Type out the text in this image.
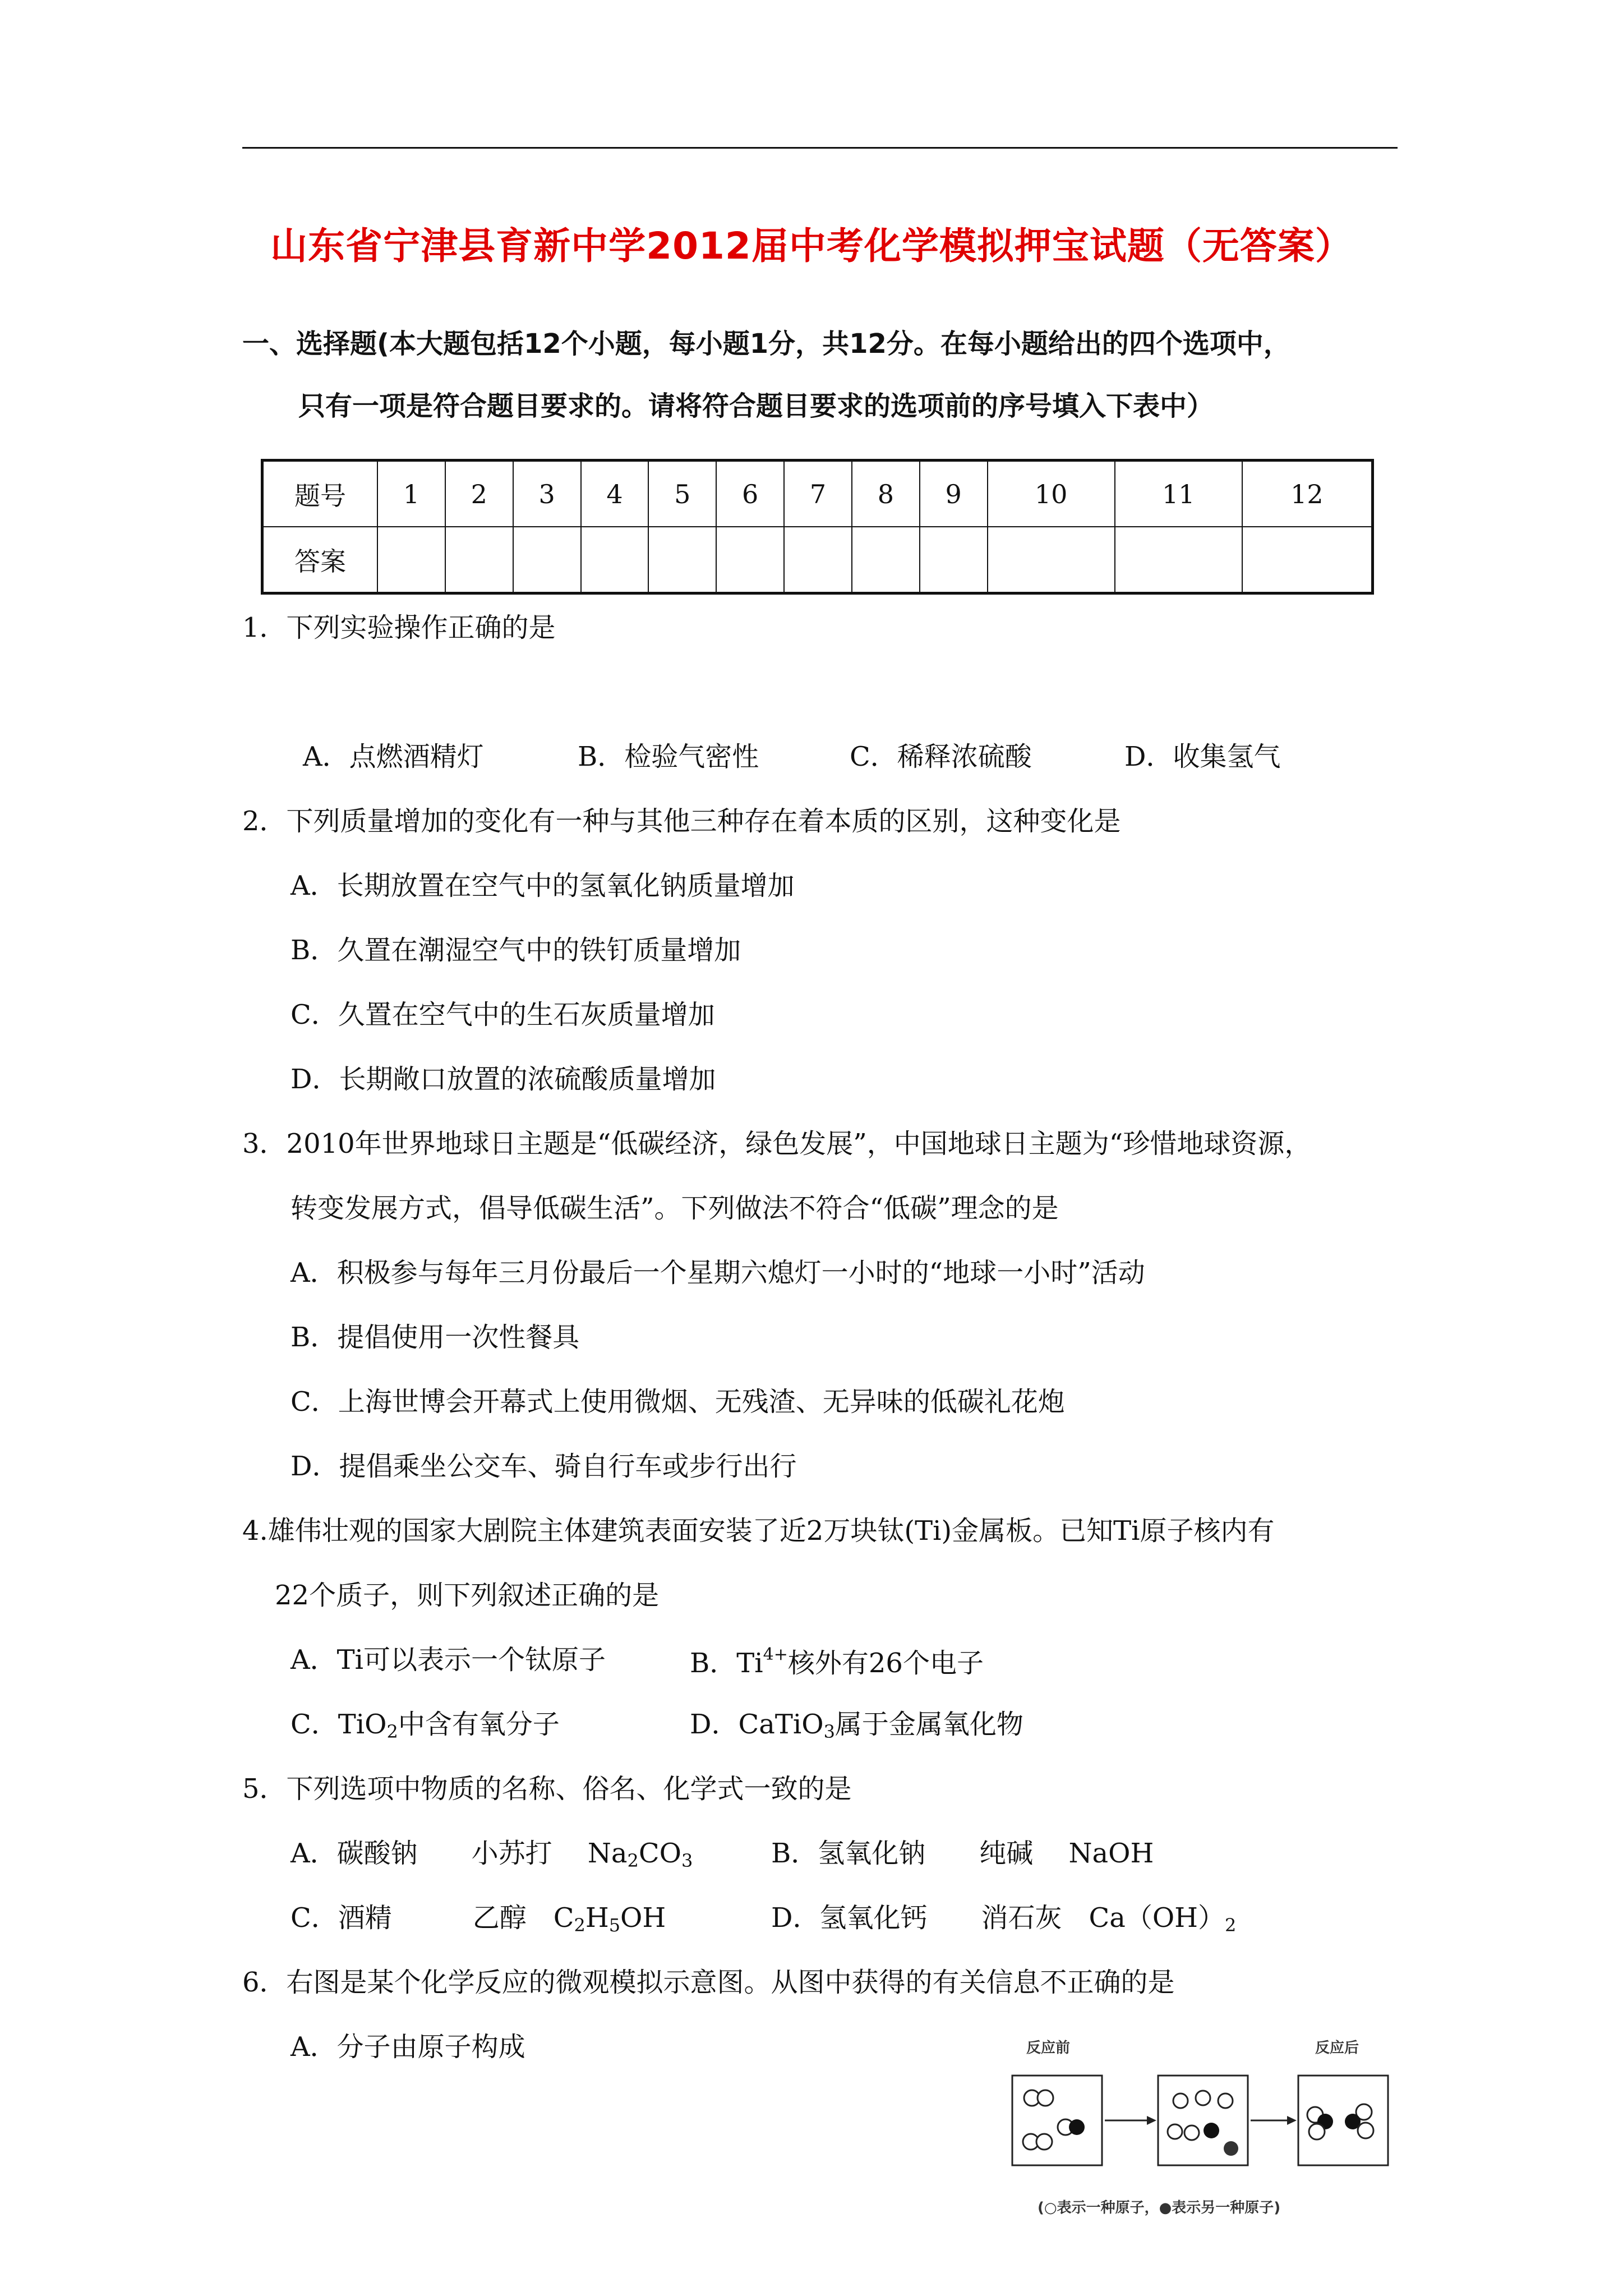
山东省宁津县育新中学2012届中考化学模拟押宝试题（无答案）
一、选择题(本大题包括12个小题，每小题1分，共12分。在每小题给出的四个选项中，
只有一项是符合题目要求的。请将符合题目要求的选项前的序号填入下表中）
题号	1	2	3	4	5	6	7	8	9	10	11	12
答案												
1．下列实验操作正确的是
A．点燃酒精灯	B．检验气密性	C．稀释浓硫酸	D．收集氢气
2．下列质量增加的变化有一种与其他三种存在着本质的区别，这种变化是
A．长期放置在空气中的氢氧化钠质量增加
B．久置在潮湿空气中的铁钉质量增加
C．久置在空气中的生石灰质量增加
D．长期敞口放置的浓硫酸质量增加
3．2010年世界地球日主题是“低碳经济，绿色发展”，中国地球日主题为“珍惜地球资源，
转变发展方式，倡导低碳生活”。下列做法不符合“低碳”理念的是
A．积极参与每年三月份最后一个星期六熄灯一小时的“地球一小时”活动
B．提倡使用一次性餐具
C．上海世博会开幕式上使用微烟、无残渣、无异味的低碳礼花炮
D．提倡乘坐公交车、骑自行车或步行出行
4.雄伟壮观的国家大剧院主体建筑表面安装了近2万块钛(Ti)金属板。已知Ti原子核内有
22个质子，则下列叙述正确的是
A．Ti可以表示一个钛原子	B．$Ti^{4+}$核外有26个电子
C．TiO$_2$中含有氧分子	D．CaTiO$_3$属于金属氧化物
5．下列选项中物质的名称、俗名、化学式一致的是
A．碳酸钠　　小苏打　 $Na_2CO_3$	B．氢氧化钠　　纯碱　 NaOH
C．酒精　　　乙醇　$C_2H_5OH$	D．氢氧化钙　　消石灰　$Ca(OH)_2$
6．右图是某个化学反应的微观模拟示意图。从图中获得的有关信息不正确的是
A．分子由原子构成	反应前	反应后
(○表示一种原子，●表示另一种原子)
